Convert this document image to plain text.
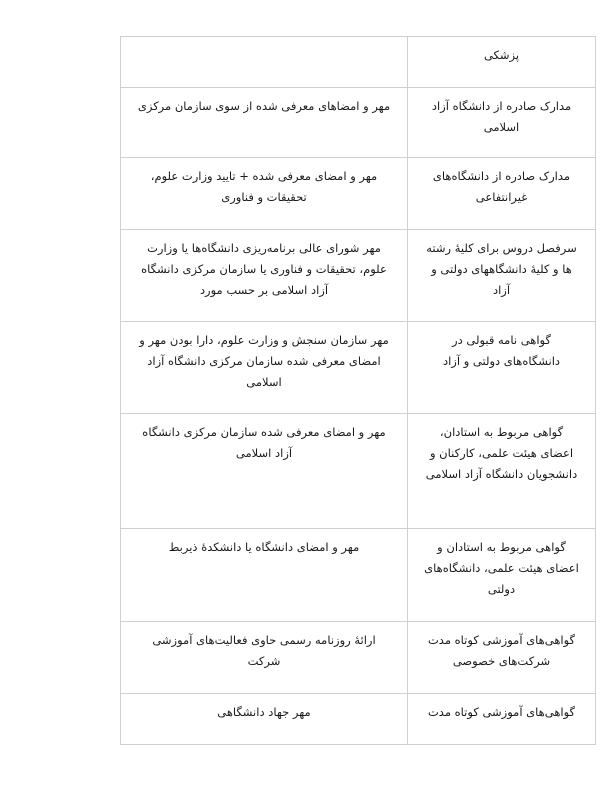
پزشکی	

مدارک صادره از دانشگاه آزاد اسلامی	مهر و امضاهای معرفی شده از سوی سازمان مرکزی

مدارک صادره از دانشگاه‌های غیرانتفاعی	مهر و امضای معرفی شده + تایید وزارت علوم، تحقیقات و فناوری

سرفصل دروس برای کلیهٔ رشته ها و کلیهٔ دانشگاههای دولتی و آزاد	مهر شورای عالی برنامه‌ریزی دانشگاه‌ها یا وزارت علوم، تحقیقات و فناوری یا سازمان مرکزی دانشگاه آزاد اسلامی بر حسب مورد

گواهی نامه قبولی در دانشگاه‌های دولتی و آزاد	مهر سازمان سنجش و وزارت علوم، دارا بودن مهر و امضای معرفی شده سازمان مرکزی دانشگاه آزاد اسلامی

گواهی مربوط به استادان، اعضای هیئت علمی، کارکنان و دانشجویان دانشگاه آزاد اسلامی	مهر و امضای معرفی شده سازمان مرکزی دانشگاه آزاد اسلامی

گواهی مربوط به استادان و اعضای هیئت علمی، دانشگاه‌های دولتی	مهر و امضای دانشگاه یا دانشکدهٔ ذیربط

گواهی‌های آموزشی کوتاه مدت شرکت‌های خصوصی	ارائهٔ روزنامه رسمی حاوی فعالیت‌های آموزشی شرکت

گواهی‌های آموزشی کوتاه مدت	مهر جهاد دانشگاهی
